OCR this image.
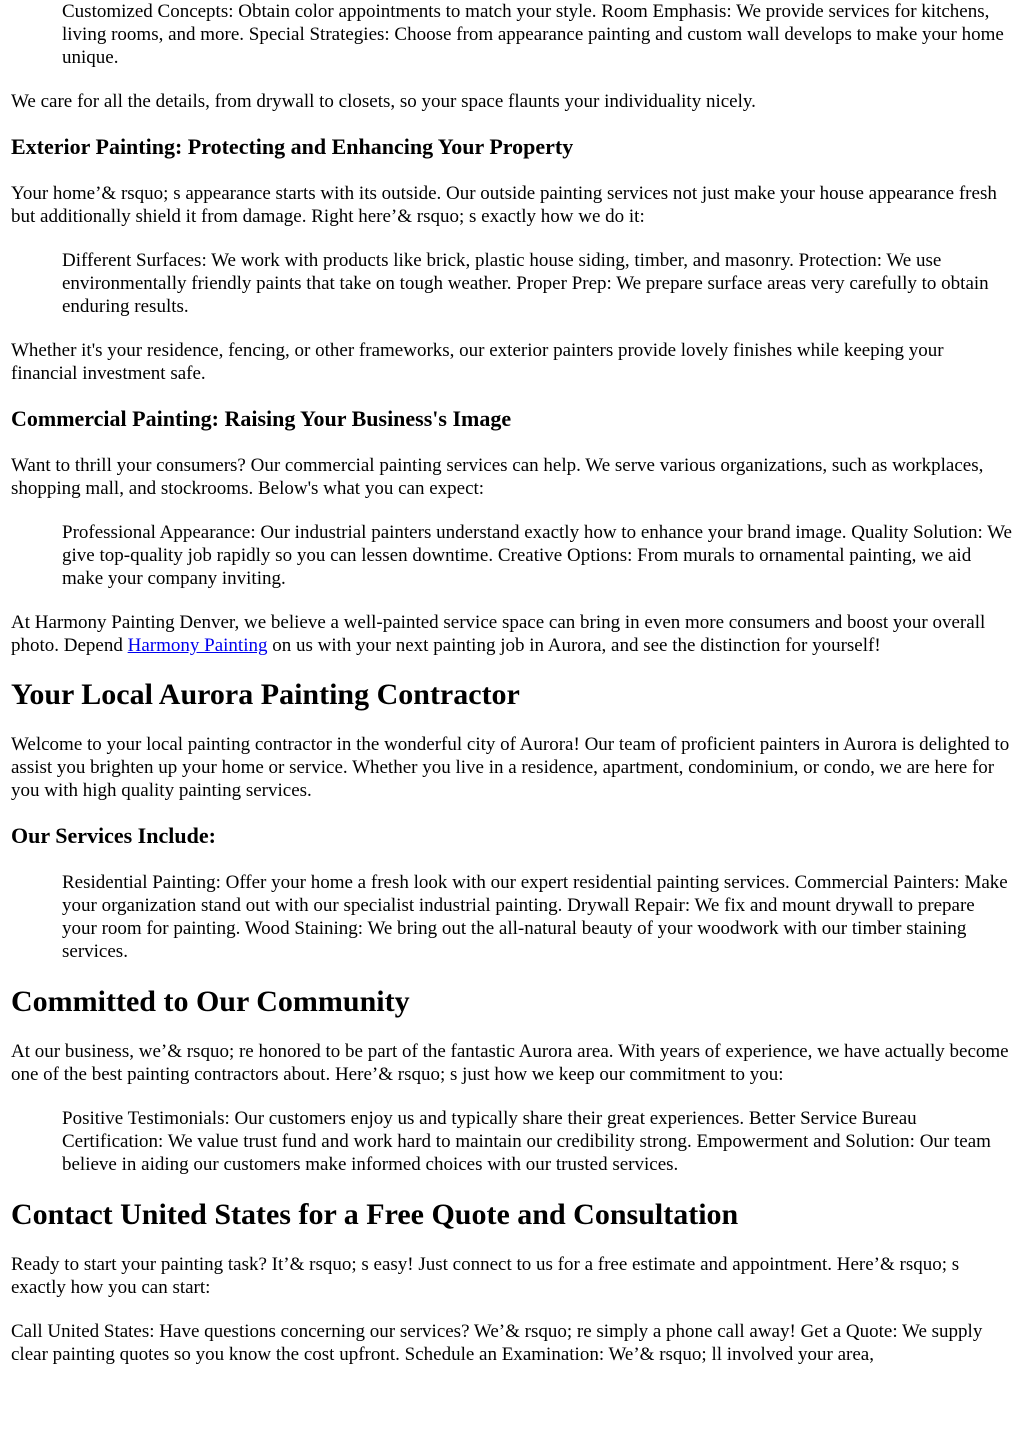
Customized Concepts: Obtain color appointments to match your style. Room Emphasis: We provide services for kitchens, living rooms, and more. Special Strategies: Choose from appearance painting and custom wall develops to make your home unique.

We care for all the details, from drywall to closets, so your space flaunts your individuality nicely.

Exterior Painting: Protecting and Enhancing Your Property

Your home’& rsquo; s appearance starts with its outside. Our outside painting services not just make your house appearance fresh but additionally shield it from damage. Right here’& rsquo; s exactly how we do it:

Different Surfaces: We work with products like brick, plastic house siding, timber, and masonry. Protection: We use environmentally friendly paints that take on tough weather. Proper Prep: We prepare surface areas very carefully to obtain enduring results.

Whether it's your residence, fencing, or other frameworks, our exterior painters provide lovely finishes while keeping your financial investment safe.

Commercial Painting: Raising Your Business's Image

Want to thrill your consumers? Our commercial painting services can help. We serve various organizations, such as workplaces, shopping mall, and stockrooms. Below's what you can expect:

Professional Appearance: Our industrial painters understand exactly how to enhance your brand image. Quality Solution: We give top-quality job rapidly so you can lessen downtime. Creative Options: From murals to ornamental painting, we aid make your company inviting.

At Harmony Painting Denver, we believe a well-painted service space can bring in even more consumers and boost your overall photo. Depend Harmony Painting on us with your next painting job in Aurora, and see the distinction for yourself!

Your Local Aurora Painting Contractor

Welcome to your local painting contractor in the wonderful city of Aurora! Our team of proficient painters in Aurora is delighted to assist you brighten up your home or service. Whether you live in a residence, apartment, condominium, or condo, we are here for you with high quality painting services.

Our Services Include:
Residential Painting: Offer your home a fresh look with our expert residential painting services. Commercial Painters: Make your organization stand out with our specialist industrial painting. Drywall Repair: We fix and mount drywall to prepare your room for painting. Wood Staining: We bring out the all-natural beauty of your woodwork with our timber staining services.
Committed to Our Community

At our business, we’& rsquo; re honored to be part of the fantastic Aurora area. With years of experience, we have actually become one of the best painting contractors about. Here’& rsquo; s just how we keep our commitment to you:

Positive Testimonials: Our customers enjoy us and typically share their great experiences. Better Service Bureau Certification: We value trust fund and work hard to maintain our credibility strong. Empowerment and Solution: Our team believe in aiding our customers make informed choices with our trusted services.
Contact United States for a Free Quote and Consultation

Ready to start your painting task? It’& rsquo; s easy! Just connect to us for a free estimate and appointment. Here’& rsquo; s exactly how you can start:

Call United States: Have questions concerning our services? We’& rsquo; re simply a phone call away! Get a Quote: We supply clear painting quotes so you know the cost upfront. Schedule an Examination: We’& rsquo; ll involved your area,
